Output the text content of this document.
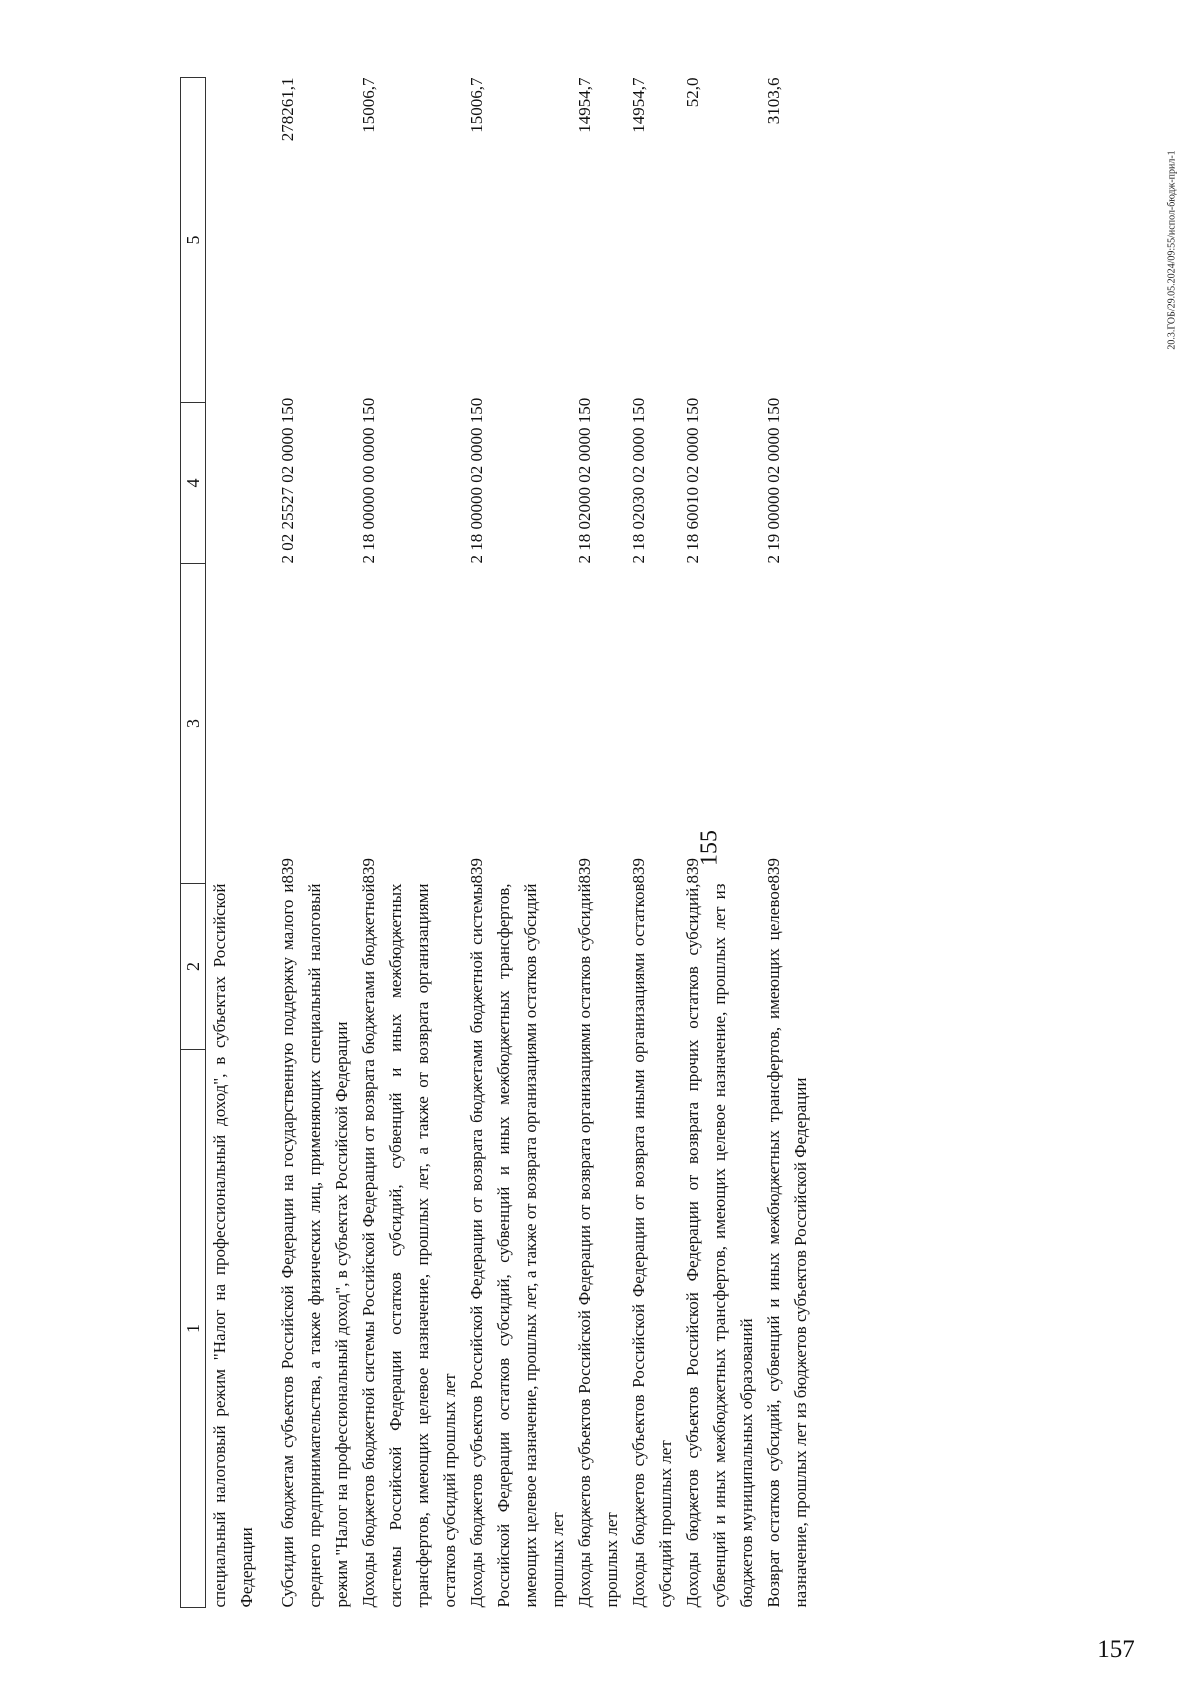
155
1	2	3	4	5

специальный налоговый режим "Налог на профессиональный доход", в субъектах Российской Федерации				

Субсидии бюджетам субъектов Российской Федерации на государственную поддержку малого и среднего предпринимательства, а также физических лиц, применяющих специальный налоговый режим "Налог на профессиональный доход", в субъектах Российской Федерации		839	2 02 25527 02 0000 150	278261,1

Доходы бюджетов бюджетной системы Российской Федерации от возврата бюджетами бюджетной системы Российской Федерации остатков субсидий, субвенций и иных межбюджетных трансфертов, имеющих целевое назначение, прошлых лет, а также от возврата организациями остатков субсидий прошлых лет		839	2 18 00000 00 0000 150	15006,7

Доходы бюджетов субъектов Российской Федерации от возврата бюджетами бюджетной системы Российской Федерации остатков субсидий, субвенций и иных межбюджетных трансфертов, имеющих целевое назначение, прошлых лет, а также от возврата организациями остатков субсидий прошлых лет		839	2 18 00000 02 0000 150	15006,7

Доходы бюджетов субъектов Российской Федерации от возврата организациями остатков субсидий прошлых лет		839	2 18 02000 02 0000 150	14954,7

Доходы бюджетов субъектов Российской Федерации от возврата иными организациями остатков субсидий прошлых лет		839	2 18 02030 02 0000 150	14954,7

Доходы бюджетов субъектов Российской Федерации от возврата прочих остатков субсидий, субвенций и иных межбюджетных трансфертов, имеющих целевое назначение, прошлых лет из бюджетов муниципальных образований		839	2 18 60010 02 0000 150	52,0

Возврат остатков субсидий, субвенций и иных межбюджетных трансфертов, имеющих целевое назначение, прошлых лет из бюджетов субъектов Российской Федерации		839	2 19 00000 02 0000 150	3103,6
20.3.ГОБ/29.05.2024/09:55/испол-бюдж-прил-1
157
